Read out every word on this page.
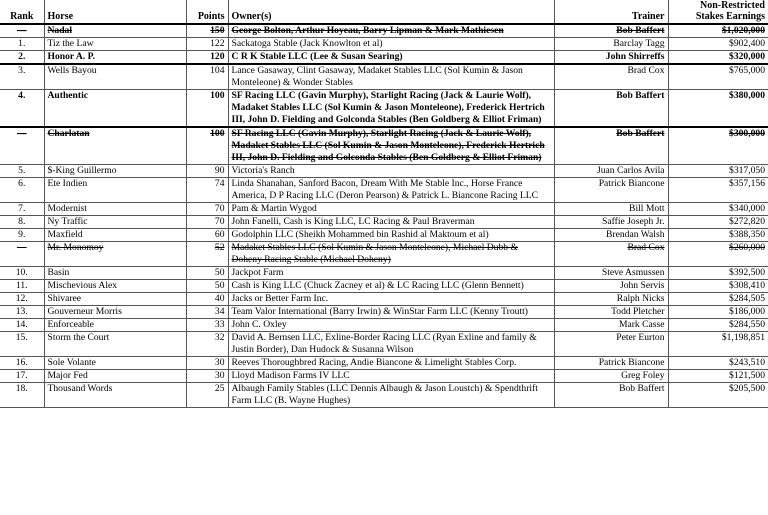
Rank	Horse	Points	Owner(s)	Trainer	Non-Restricted
Stakes Earnings

—	Nadal	150	George Bolton, Arthur Hoyeau, Barry Lipman & Mark Mathiesen	Bob Baffert	$1,020,000
1.	Tiz the Law	122	Sackatoga Stable (Jack Knowlton et al)	Barclay Tagg	$902,400
2.	Honor A. P.	120	C R K Stable LLC (Lee & Susan Searing)	John Shirreffs	$320,000
3.	Wells Bayou	104	Lance Gasaway, Clint Gasaway, Madaket Stables LLC (Sol Kumin & Jason Monteleone) & Wonder Stables	Brad Cox	$765,000
4.	Authentic	100	SF Racing LLC (Gavin Murphy), Starlight Racing (Jack & Laurie Wolf), Madaket Stables LLC (Sol Kumin & Jason Monteleone), Frederick Hertrich III, John D. Fielding and Golconda Stables (Ben Goldberg & Elliot Friman)	Bob Baffert	$380,000
—	Charlatan	100	SF Racing LLC (Gavin Murphy), Starlight Racing (Jack & Laurie Wolf), Madaket Stables LLC (Sol Kumin & Jason Monteleone), Frederick Hertrich III, John D. Fielding and Golconda Stables (Ben Goldberg & Elliot Friman)	Bob Baffert	$300,000
5.	$-King Guillermo	90	Victoria's Ranch	Juan Carlos Avila	$317,050
6.	Ete Indien	74	Linda Shanahan, Sanford Bacon, Dream With Me Stable Inc., Horse France America, D P Racing LLC (Deron Pearson) & Patrick L. Biancone Racing LLC	Patrick Biancone	$357,156
7.	Modernist	70	Pam & Martin Wygod	Bill Mott	$340,000
8.	Ny Traffic	70	John Fanelli, Cash is King LLC, LC Racing & Paul Braverman	Saffie Joseph Jr.	$272,820
9.	Maxfield	60	Godolphin LLC (Sheikh Mohammed bin Rashid al Maktoum et al)	Brendan Walsh	$388,350
—	Mr. Monomoy	52	Madaket Stables LLC (Sol Kumin & Jason Monteleone), Michael Dubb & Doheny Racing Stable (Michael Doheny)	Brad Cox	$260,000
10.	Basin	50	Jackpot Farm	Steve Asmussen	$392,500
11.	Mischevious Alex	50	Cash is King LLC (Chuck Zacney et al) & LC Racing LLC (Glenn Bennett)	John Servis	$308,410
12.	Shivaree	40	Jacks or Better Farm Inc.	Ralph Nicks	$284,505
13.	Gouverneur Morris	34	Team Valor International (Barry Irwin) & WinStar Farm LLC (Kenny Troutt)	Todd Pletcher	$186,000
14.	Enforceable	33	John C. Oxley	Mark Casse	$284,550
15.	Storm the Court	32	David A. Bernsen LLC, Exline-Border Racing LLC (Ryan Exline and family & Justin Border), Dan Hudock & Susanna Wilson	Peter Eurton	$1,198,851
16.	Sole Volante	30	Reeves Thoroughbred Racing, Andie Biancone & Limelight Stables Corp.	Patrick Biancone	$243,510
17.	Major Fed	30	Lloyd Madison Farms IV LLC	Greg Foley	$121,500
18.	Thousand Words	25	Albaugh Family Stables (LLC Dennis Albaugh & Jason Loustch) & Spendthrift Farm LLC (B. Wayne Hughes)	Bob Baffert	$205,500
